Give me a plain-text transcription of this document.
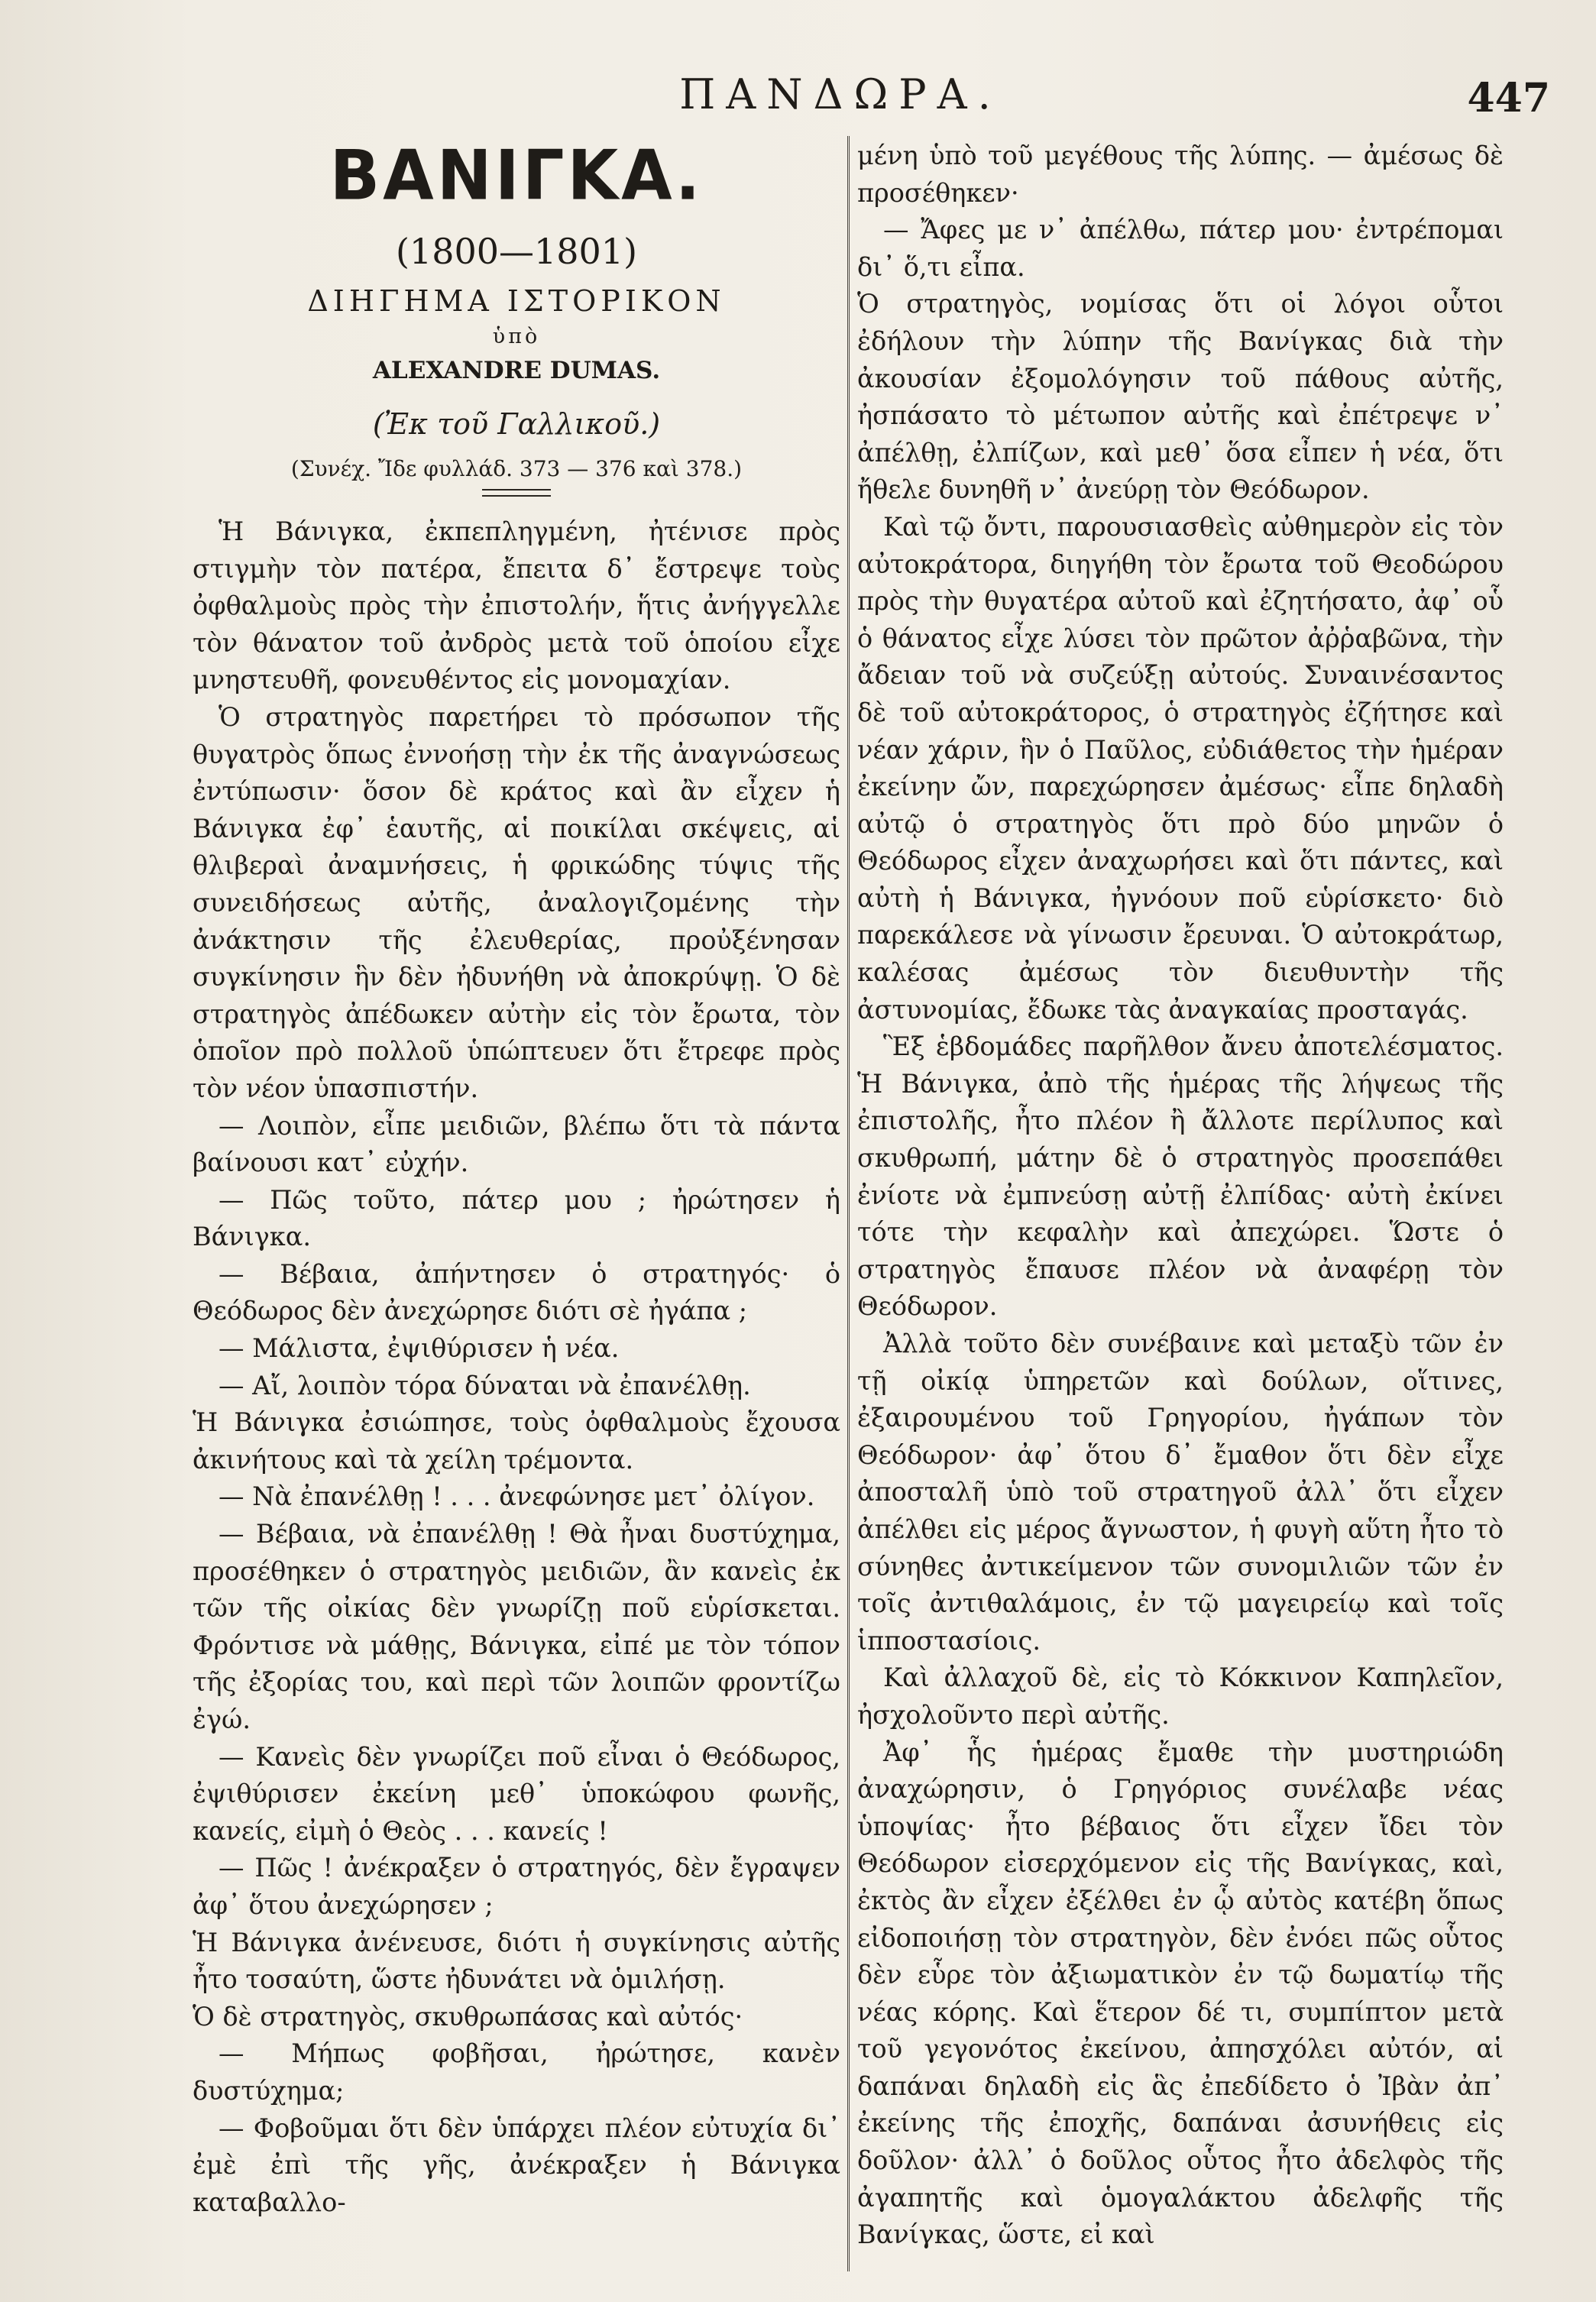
ΠΑΝΔΩΡΑ.	447
ΒΑΝΙΓΚΑ.
(1800—1801)
ΔΙΗΓΗΜΑ ΙΣΤΟΡΙΚΟΝ
ὑπὸ
ALEXANDRE DUMAS.
(Ἐκ τοῦ Γαλλικοῦ.)
(Συνέχ. Ἴδε φυλλάδ. 373 — 376 καὶ 378.)

Ἡ Βάνιγκα, ἐκπεπληγμένη, ἠτένισε πρὸς στιγμὴν τὸν πατέρα, ἔπειτα δ᾽ ἔστρεψε τοὺς ὀφθαλμοὺς πρὸς τὴν ἐπιστολήν, ἥτις ἀνήγγελλε τὸν θάνατον τοῦ ἀνδρὸς μετὰ τοῦ ὁποίου εἶχε μνηστευθῆ, φονευθέντος εἰς μονομαχίαν.

Ὁ στρατηγὸς παρετήρει τὸ πρόσωπον τῆς θυγατρὸς ὅπως ἐννοήσῃ τὴν ἐκ τῆς ἀναγνώσεως ἐντύπωσιν· ὅσον δὲ κράτος καὶ ἂν εἶχεν ἡ Βάνιγκα ἐφ᾽ ἑαυτῆς, αἱ ποικίλαι σκέψεις, αἱ θλιβεραὶ ἀναμνήσεις, ἡ φρικώδης τύψις τῆς συνειδήσεως αὐτῆς, ἀναλογιζομένης τὴν ἀνάκτησιν τῆς ἐλευθερίας, προὐξένησαν συγκίνησιν ἣν δὲν ἠδυνήθη νὰ ἀποκρύψῃ. Ὁ δὲ στρατηγὸς ἀπέδωκεν αὐτὴν εἰς τὸν ἔρωτα, τὸν ὁποῖον πρὸ πολλοῦ ὑπώπτευεν ὅτι ἔτρεφε πρὸς τὸν νέον ὑπασπιστήν.

— Λοιπὸν, εἶπε μειδιῶν, βλέπω ὅτι τὰ πάντα βαίνουσι κατ᾽ εὐχήν.

— Πῶς τοῦτο, πάτερ μου ; ἠρώτησεν ἡ Βάνιγκα.

— Βέβαια, ἀπήντησεν ὁ στρατηγός· ὁ Θεόδωρος δὲν ἀνεχώρησε διότι σὲ ἠγάπα ;

— Μάλιστα, ἐψιθύρισεν ἡ νέα.

— Αἴ, λοιπὸν τόρα δύναται νὰ ἐπανέλθῃ.

Ἡ Βάνιγκα ἐσιώπησε, τοὺς ὀφθαλμοὺς ἔχουσα ἀκινήτους καὶ τὰ χείλη τρέμοντα.

— Νὰ ἐπανέλθῃ ! . . . ἀνεφώνησε μετ᾽ ὀλίγον.

— Βέβαια, νὰ ἐπανέλθῃ ! Θὰ ἦναι δυστύχημα, προσέθηκεν ὁ στρατηγὸς μειδιῶν, ἂν κανεὶς ἐκ τῶν τῆς οἰκίας δὲν γνωρίζῃ ποῦ εὑρίσκεται. Φρόντισε νὰ μάθῃς, Βάνιγκα, εἰπέ με τὸν τόπον τῆς ἐξορίας του, καὶ περὶ τῶν λοιπῶν φροντίζω ἐγώ.

— Κανεὶς δὲν γνωρίζει ποῦ εἶναι ὁ Θεόδωρος, ἐψιθύρισεν ἐκείνη μεθ᾽ ὑποκώφου φωνῆς, κανείς, εἰμὴ ὁ Θεὸς . . . κανείς !

— Πῶς ! ἀνέκραξεν ὁ στρατηγός, δὲν ἔγραψεν ἀφ᾽ ὅτου ἀνεχώρησεν ;

Ἡ Βάνιγκα ἀνένευσε, διότι ἡ συγκίνησις αὐτῆς ἦτο τοσαύτη, ὥστε ἠδυνάτει νὰ ὁμιλήσῃ.

Ὁ δὲ στρατηγὸς, σκυθρωπάσας καὶ αὐτός·

— Μήπως φοβῆσαι, ἠρώτησε, κανὲν δυστύχημα;

— Φοβοῦμαι ὅτι δὲν ὑπάρχει πλέον εὐτυχία δι᾽ ἐμὲ ἐπὶ τῆς γῆς, ἀνέκραξεν ἡ Βάνιγκα καταβαλλο-

μένη ὑπὸ τοῦ μεγέθους τῆς λύπης. — ἀμέσως δὲ προσέθηκεν·

— Ἄφες με ν᾽ ἀπέλθω, πάτερ μου· ἐντρέπομαι δι᾽ ὅ,τι εἶπα.

Ὁ στρατηγὸς, νομίσας ὅτι οἱ λόγοι οὗτοι ἐδήλουν τὴν λύπην τῆς Βανίγκας διὰ τὴν ἀκουσίαν ἐξομολόγησιν τοῦ πάθους αὐτῆς, ἠσπάσατο τὸ μέτωπον αὐτῆς καὶ ἐπέτρεψε ν᾽ ἀπέλθῃ, ἐλπίζων, καὶ μεθ᾽ ὅσα εἶπεν ἡ νέα, ὅτι ἤθελε δυνηθῆ ν᾽ ἀνεύρῃ τὸν Θεόδωρον.

Καὶ τῷ ὄντι, παρουσιασθεὶς αὐθημερὸν εἰς τὸν αὐτοκράτορα, διηγήθη τὸν ἔρωτα τοῦ Θεοδώρου πρὸς τὴν θυγατέρα αὐτοῦ καὶ ἐζητήσατο, ἀφ᾽ οὗ ὁ θάνατος εἶχε λύσει τὸν πρῶτον ἀῤῥαβῶνα, τὴν ἄδειαν τοῦ νὰ συζεύξῃ αὐτούς. Συναινέσαντος δὲ τοῦ αὐτοκράτορος, ὁ στρατηγὸς ἐζήτησε καὶ νέαν χάριν, ἣν ὁ Παῦλος, εὐδιάθετος τὴν ἡμέραν ἐκείνην ὤν, παρεχώρησεν ἀμέσως· εἶπε δηλαδὴ αὐτῷ ὁ στρατηγὸς ὅτι πρὸ δύο μηνῶν ὁ Θεόδωρος εἶχεν ἀναχωρήσει καὶ ὅτι πάντες, καὶ αὐτὴ ἡ Βάνιγκα, ἠγνόουν ποῦ εὑρίσκετο· διὸ παρεκάλεσε νὰ γίνωσιν ἔρευναι. Ὁ αὐτοκράτωρ, καλέσας ἀμέσως τὸν διευθυντὴν τῆς ἀστυνομίας, ἔδωκε τὰς ἀναγκαίας προσταγάς.

Ἓξ ἑβδομάδες παρῆλθον ἄνευ ἀποτελέσματος. Ἡ Βάνιγκα, ἀπὸ τῆς ἡμέρας τῆς λήψεως τῆς ἐπιστολῆς, ἦτο πλέον ἢ ἄλλοτε περίλυπος καὶ σκυθρωπή, μάτην δὲ ὁ στρατηγὸς προσεπάθει ἐνίοτε νὰ ἐμπνεύσῃ αὐτῇ ἐλπίδας· αὐτὴ ἐκίνει τότε τὴν κεφαλὴν καὶ ἀπεχώρει. Ὥστε ὁ στρατηγὸς ἔπαυσε πλέον νὰ ἀναφέρῃ τὸν Θεόδωρον.

Ἀλλὰ τοῦτο δὲν συνέβαινε καὶ μεταξὺ τῶν ἐν τῇ οἰκίᾳ ὑπηρετῶν καὶ δούλων, οἵτινες, ἐξαιρουμένου τοῦ Γρηγορίου, ἠγάπων τὸν Θεόδωρον· ἀφ᾽ ὅτου δ᾽ ἔμαθον ὅτι δὲν εἶχε ἀποσταλῆ ὑπὸ τοῦ στρατηγοῦ ἀλλ᾽ ὅτι εἶχεν ἀπέλθει εἰς μέρος ἄγνωστον, ἡ φυγὴ αὕτη ἦτο τὸ σύνηθες ἀντικείμενον τῶν συνομιλιῶν τῶν ἐν τοῖς ἀντιθαλάμοις, ἐν τῷ μαγειρείῳ καὶ τοῖς ἱπποστασίοις.

Καὶ ἀλλαχοῦ δὲ, εἰς τὸ Κόκκινον Καπηλεῖον, ἠσχολοῦντο περὶ αὐτῆς.

Ἀφ᾽ ἧς ἡμέρας ἔμαθε τὴν μυστηριώδη ἀναχώρησιν, ὁ Γρηγόριος συνέλαβε νέας ὑποψίας· ἦτο βέβαιος ὅτι εἶχεν ἴδει τὸν Θεόδωρον εἰσερχόμενον εἰς τῆς Βανίγκας, καὶ, ἐκτὸς ἂν εἶχεν ἐξέλθει ἐν ᾧ αὐτὸς κατέβη ὅπως εἰδοποιήσῃ τὸν στρατηγὸν, δὲν ἐνόει πῶς οὗτος δὲν εὗρε τὸν ἀξιωματικὸν ἐν τῷ δωματίῳ τῆς νέας κόρης. Καὶ ἕτερον δέ τι, συμπίπτον μετὰ τοῦ γεγονότος ἐκείνου, ἀπησχόλει αὐτόν, αἱ δαπάναι δηλαδὴ εἰς ἃς ἐπεδίδετο ὁ Ἰβὰν ἀπ᾽ ἐκείνης τῆς ἐποχῆς, δαπάναι ἀσυνήθεις εἰς δοῦλον· ἀλλ᾽ ὁ δοῦλος οὗτος ἦτο ἀδελφὸς τῆς ἀγαπητῆς καὶ ὁμογαλάκτου ἀδελφῆς τῆς Βανίγκας, ὥστε, εἰ καὶ
